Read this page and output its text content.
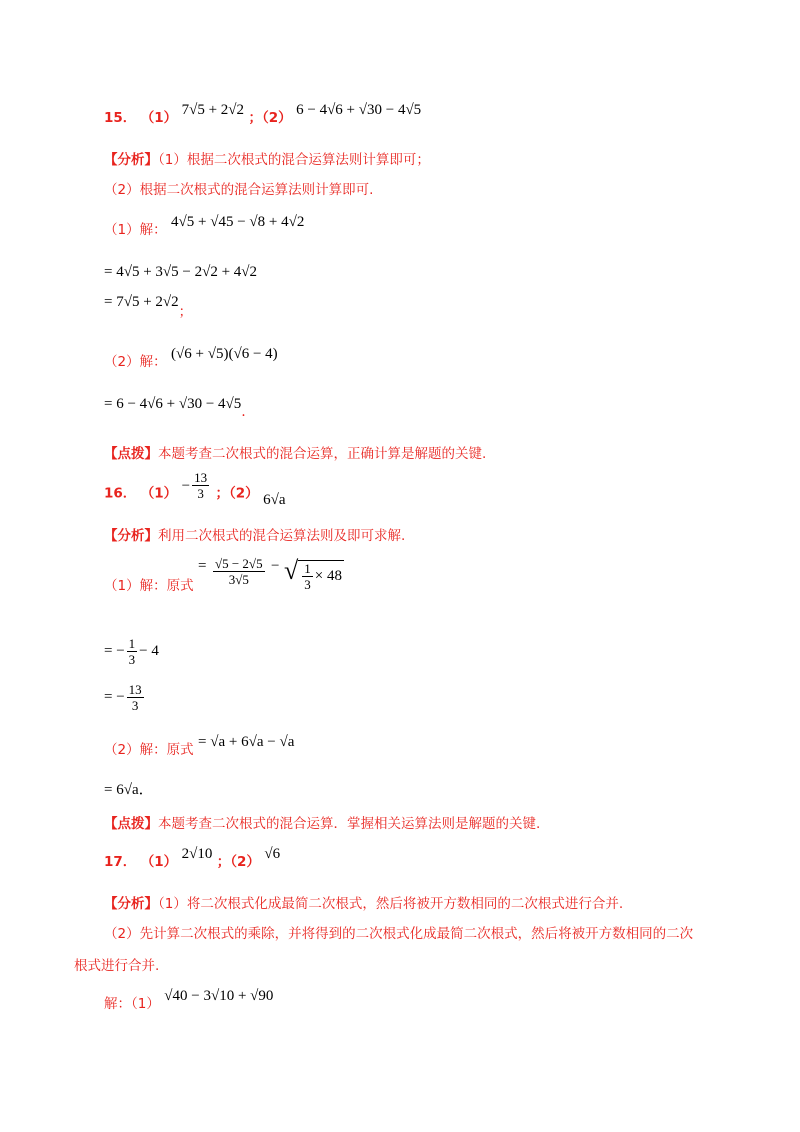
15． （1） 7√5 + 2√2 ；（2） 6 − 4√6 + √30 − 4√5
【分析】（1）根据二次根式的混合运算法则计算即可；
（2）根据二次根式的混合运算法则计算即可.
（1）解： 4√5 + √45 − √8 + 4√2
= 4√5 + 3√5 − 2√2 + 4√2
= 7√5 + 2√2；
（2）解： (√6 + √5)(√6 − 4)
= 6 − 4√6 + √30 − 4√5.
【点拨】本题考查二次根式的混合运算，正确计算是解题的关键.
16． $(1) - \frac{13}{3}$ ；（2） 6√a
【分析】利用二次根式的混合运算法则及即可求解.
（1）解：原式 = $\frac{√5 - 2√5}{3√5}$ − √ $\frac{1}{3} \times 48$
= − $\frac{1}{3} - 4$
= − $\frac{13}{3}$
（2）解：原式 = √a + 6√a − √a
= 6√a．
【点拨】本题考查二次根式的混合运算．掌握相关运算法则是解题的关键.
17． （1） 2√10 ；（2） √6
【分析】（1）将二次根式化成最简二次根式，然后将被开方数相同的二次根式进行合并.
（2）先计算二次根式的乘除，并将得到的二次根式化成最简二次根式，然后将被开方数相同的二次
根式进行合并.
解：（1） √40 − 3√10 + √90
